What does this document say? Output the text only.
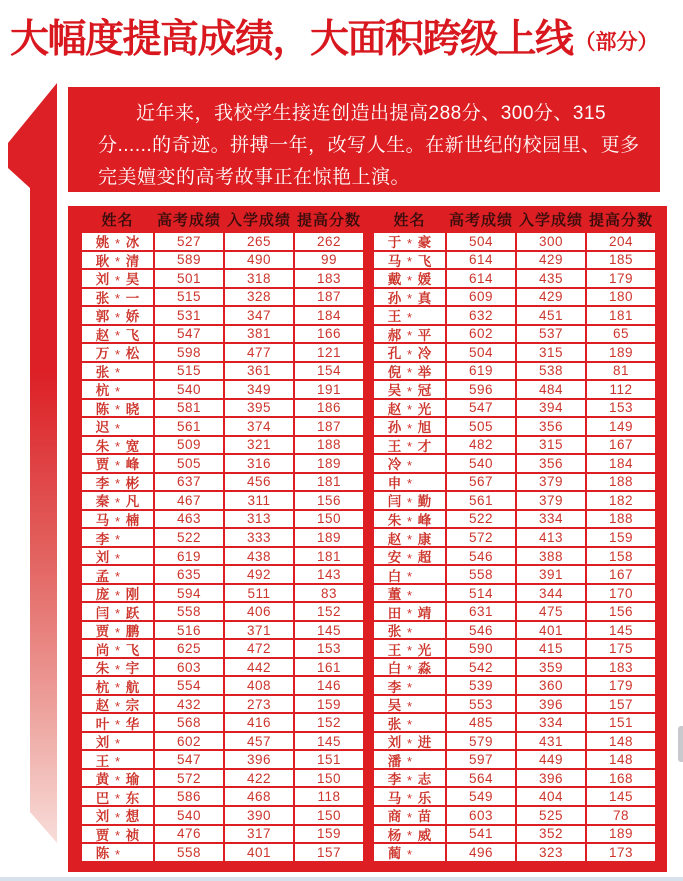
大幅度提高成绩，大面积跨级上线（部分）

近年来，我校学生接连创造出提高288分、300分、315分......的奇迹。拼搏一年，改写人生。在新世纪的校园里、更多完美嬗变的高考故事正在惊艳上演。

姓名	高考成绩 入学成绩 提高分数
姚 * 冰	527	265	262
耿 * 清	589	490	99
刘 * 昊	501	318	183
张 * 一	515	328	187
郭 * 娇	531	347	184
赵 * 飞	547	381	166
万 * 松	598	477	121
张 *	515	361	154
杭 *	540	349	191
陈 * 晓	581	395	186
迟 *	561	374	187
朱 * 宽	509	321	188
贾 * 峰	505	316	189
李 * 彬	637	456	181
秦 * 凡	467	311	156
马 * 楠	463	313	150
李 *	522	333	189
刘 *	619	438	181
孟 *	635	492	143
庞 * 刚	594	511	83
闫 * 跃	558	406	152
贾 * 鹏	516	371	145
尚 * 飞	625	472	153
朱 * 宇	603	442	161
杭 * 航	554	408	146
赵 * 宗	432	273	159
叶 * 华	568	416	152
刘 *	602	457	145
王 *	547	396	151
黄 * 瑜	572	422	150
巴 * 东	586	468	118
刘 * 想	540	390	150
贾 * 祯	476	317	159
陈 *	558	401	157
姓名	高考成绩 入学成绩 提高分数
于 * 豪	504	300	204
马 * 飞	614	429	185
戴 * 媛	614	435	179
孙 * 真	609	429	180
王 *	632	451	181
郝 * 平	602	537	65
孔 * 冷	504	315	189
倪 * 举	619	538	81
吴 * 冠	596	484	112
赵 * 光	547	394	153
孙 * 旭	505	356	149
王 * 才	482	315	167
冷 *	540	356	184
申 *	567	379	188
闫 * 勤	561	379	182
朱 * 峰	522	334	188
赵 * 康	572	413	159
安 * 超	546	388	158
白 *	558	391	167
董 *	514	344	170
田 * 靖	631	475	156
张 *	546	401	145
王 * 光	590	415	175
白 * 淼	542	359	183
李 *	539	360	179
吴 *	553	396	157
张 *	485	334	151
刘 * 进	579	431	148
潘 *	597	449	148
李 * 志	564	396	168
马 * 乐	549	404	145
商 * 苗	603	525	78
杨 * 威	541	352	189
蔺 *	496	323	173
